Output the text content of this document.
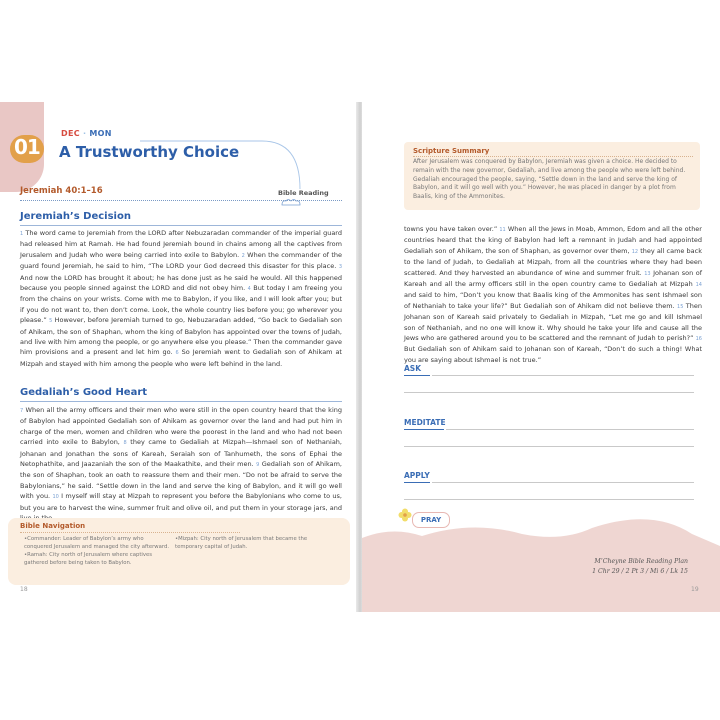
01
DEC · MON
A Trustworthy Choice
Jeremiah 40:1–16	Bible Reading
Jeremiah’s Decision

1 The word came to Jeremiah from the LORD after Nebuzaradan commander of the imperial guard had released him at Ramah. He had found Jeremiah bound in chains among all the captives from Jerusalem and Judah who were being carried into exile to Babylon. 2 When the commander of the guard found Jeremiah, he said to him, “The LORD your God decreed this disaster for this place. 3 And now the LORD has brought it about; he has done just as he said he would. All this happened because you people sinned against the LORD and did not obey him. 4 But today I am freeing you from the chains on your wrists. Come with me to Babylon, if you like, and I will look after you; but if you do not want to, then don’t come. Look, the whole country lies before you; go wherever you please.” 5 However, before Jeremiah turned to go, Nebuzaradan added, “Go back to Gedaliah son of Ahikam, the son of Shaphan, whom the king of Babylon has appointed over the towns of Judah, and live with him among the people, or go anywhere else you please.” Then the commander gave him provisions and a present and let him go. 6 So Jeremiah went to Gedaliah son of Ahikam at Mizpah and stayed with him among the people who were left behind in the land.

Gedaliah’s Good Heart

7 When all the army officers and their men who were still in the open country heard that the king of Babylon had appointed Gedaliah son of Ahikam as governor over the land and had put him in charge of the men, women and children who were the poorest in the land and who had not been carried into exile to Babylon, 8 they came to Gedaliah at Mizpah—Ishmael son of Nethaniah, Johanan and Jonathan the sons of Kareah, Seraiah son of Tanhumeth, the sons of Ephai the Netophathite, and Jaazaniah the son of the Maakathite, and their men. 9 Gedaliah son of Ahikam, the son of Shaphan, took an oath to reassure them and their men. “Do not be afraid to serve the Babylonians,” he said. “Settle down in the land and serve the king of Babylon, and it will go well with you. 10 I myself will stay at Mizpah to represent you before the Babylonians who come to us, but you are to harvest the wine, summer fruit and olive oil, and put them in your storage jars, and

Bible Navigation

•Commander: Leader of Babylon’s army who conquered Jerusalem and managed the city afterward.
•Ramah: City north of Jerusalem where captives gathered before being taken to Babylon.

•Mizpah: City north of Jerusalem that became the temporary capital of Judah.

18
Scripture Summary

After Jerusalem was conquered by Babylon, Jeremiah was given a choice. He decided to remain with the new governor, Gedaliah, and live among the people who were left behind. Gedaliah encouraged the people, saying, “Settle down in the land and serve the king of Babylon, and it will go well with you.” However, he was placed in danger by a plot from Baalis, king of the Ammonites.

towns you have taken over.” 11 When all the Jews in Moab, Ammon, Edom and all the other countries heard that the king of Babylon had left a remnant in Judah and had appointed Gedaliah son of Ahikam, the son of Shaphan, as governor over them, 12 they all came back to the land of Judah, to Gedaliah at Mizpah, from all the countries where they had been scattered. And they harvested an abundance of wine and summer fruit. 13 Johanan son of Kareah and all the army officers still in the open country came to Gedaliah at Mizpah 14 and said to him, “Don’t you know that Baalis king of the Ammonites has sent Ishmael son of Nethaniah to take your life?” But Gedaliah son of Ahikam did not believe them. 15 Then Johanan son of Kareah said privately to Gedaliah in Mizpah, “Let me go and kill Ishmael son of Nethaniah, and no one will know it. Why should he take your life and cause all the Jews who are gathered around you to be scattered and the remnant of Judah to perish?” 16 But Gedaliah son of Ahikam said to Johanan son of Kareah, “Don’t do such a thing! What you are saying about Ishmael is not true.”

ASK
MEDITATE
APPLY
PRAY
M’Cheyne Bible Reading Plan
1 Chr 29 / 2 Pt 3 / Mi 6 / Lk 15
19
